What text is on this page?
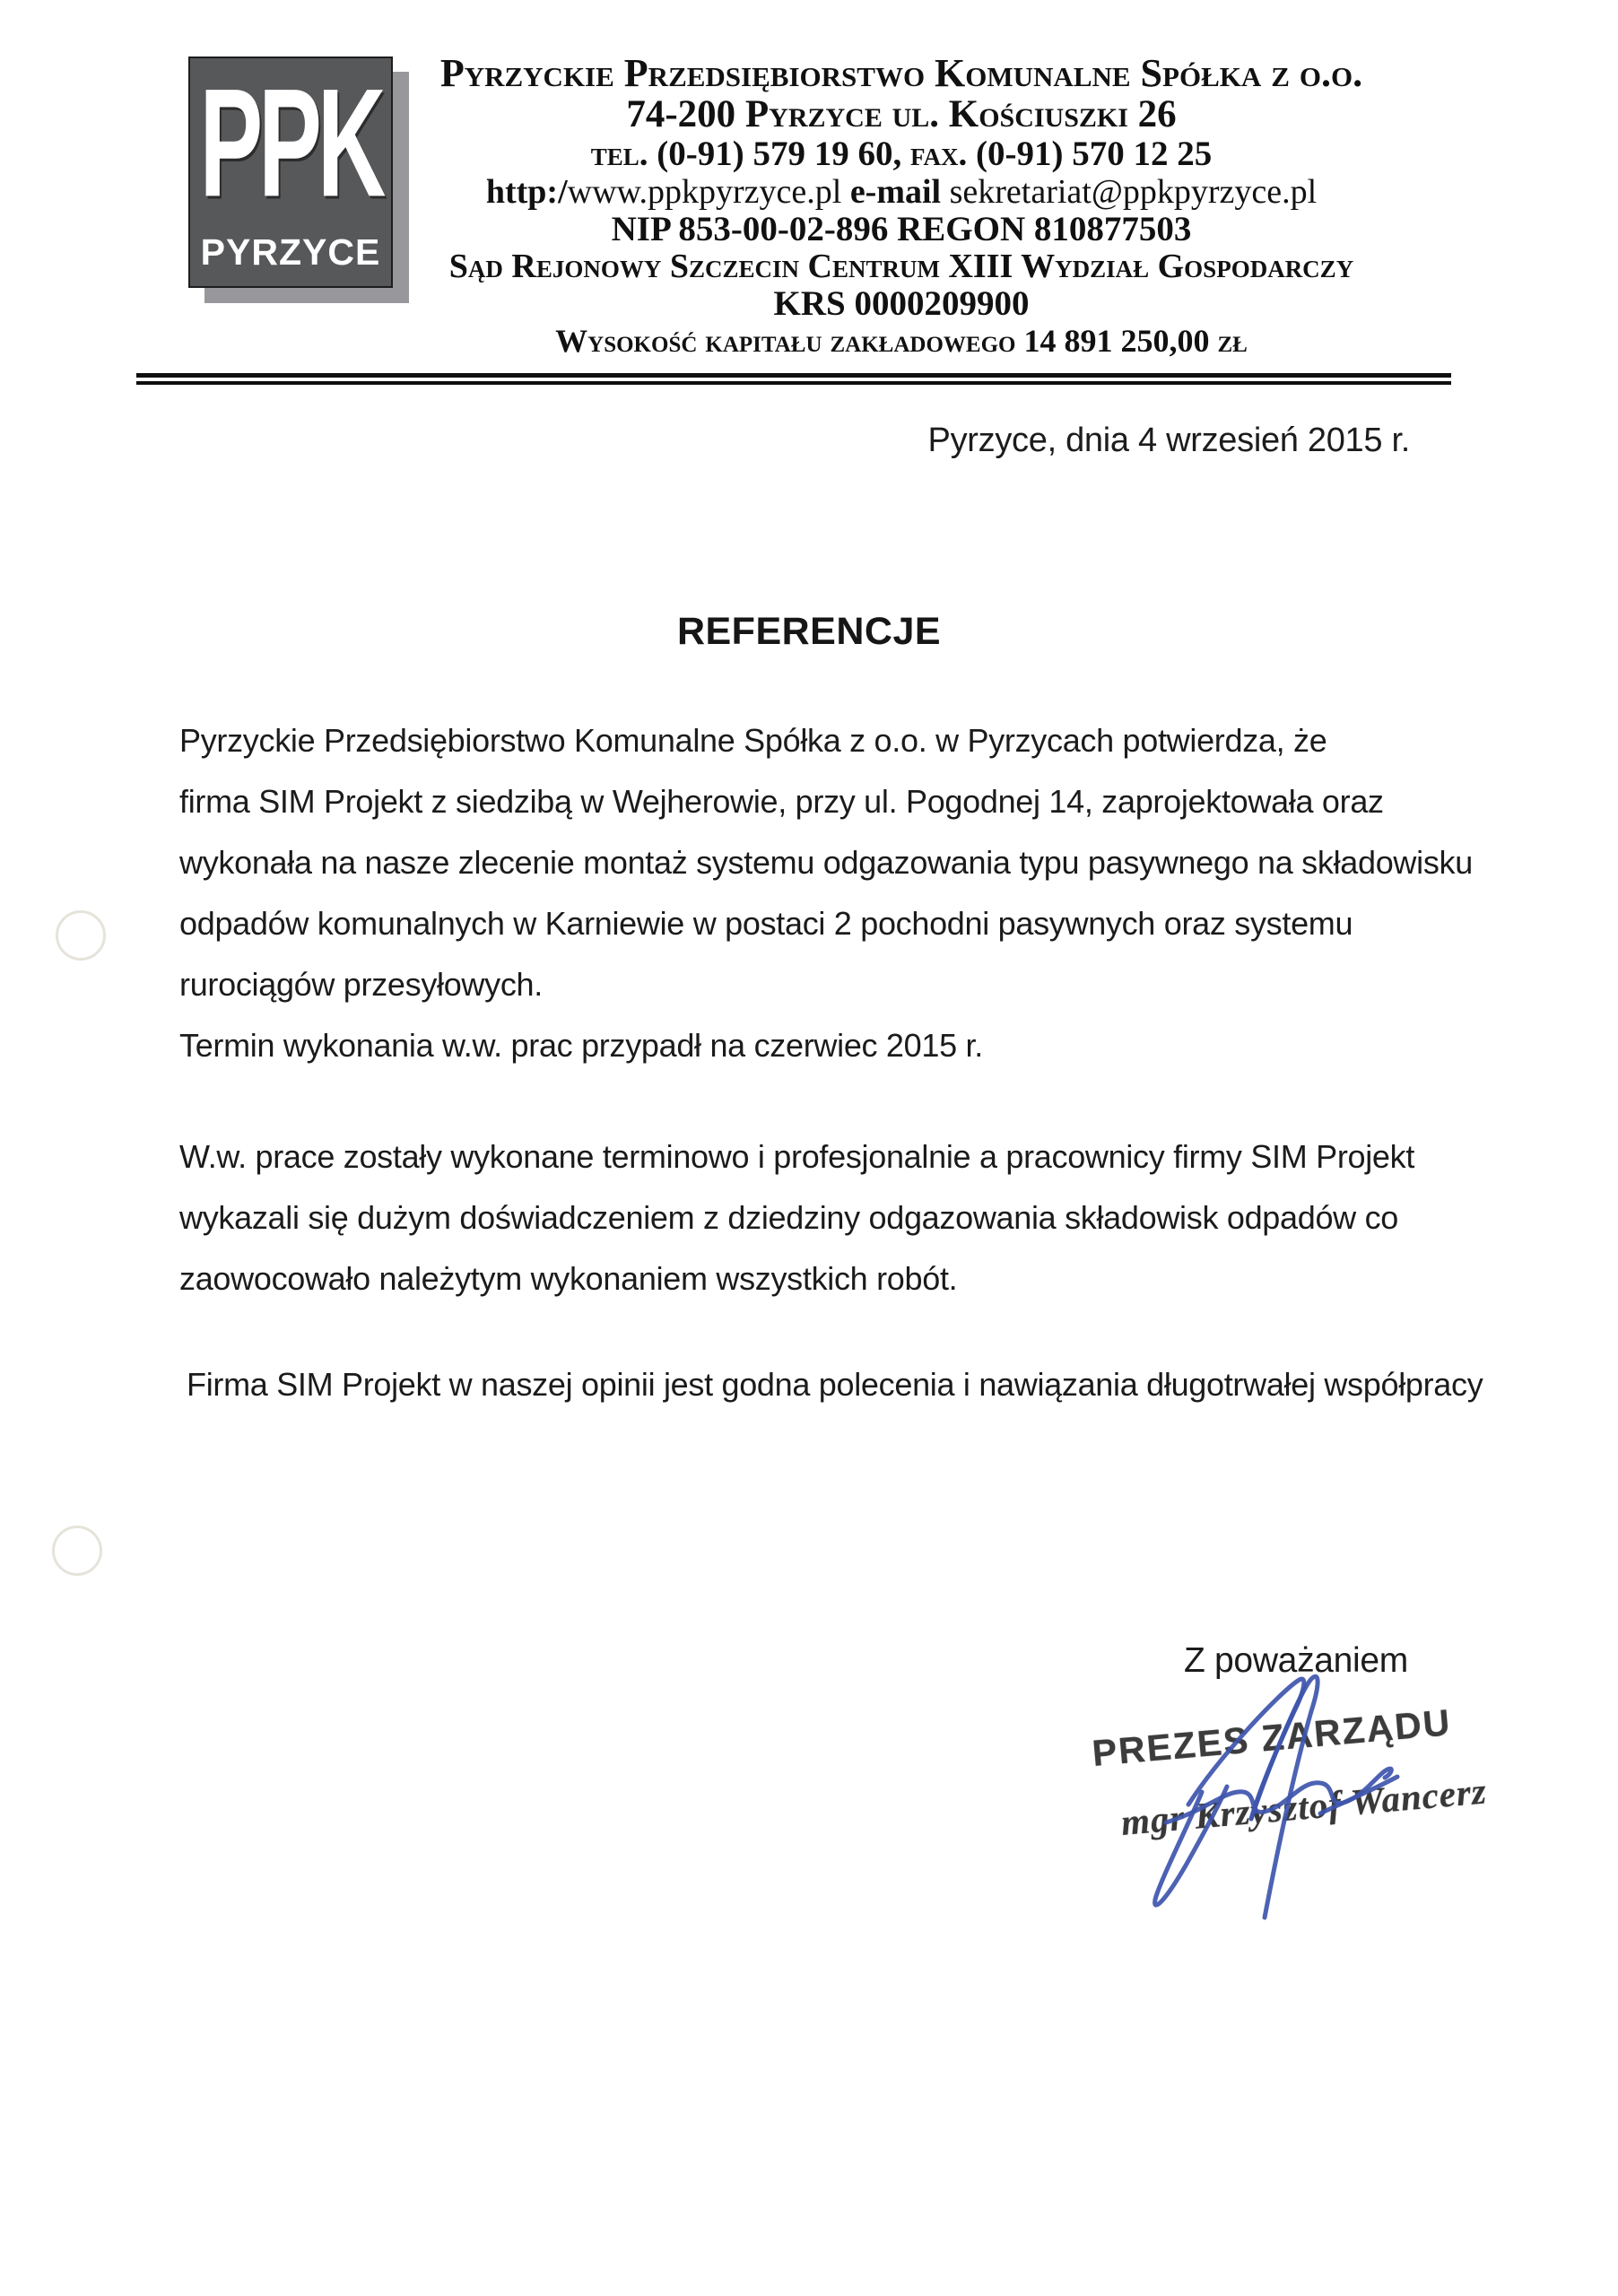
PPK
PYRZYCE
Pyrzyckie Przedsiębiorstwo Komunalne Spółka z o.o.
74-200 Pyrzyce ul. Kościuszki 26
tel. (0-91) 579 19 60, fax. (0-91) 570 12 25
http:/www.ppkpyrzyce.pl e-mail sekretariat@ppkpyrzyce.pl
NIP 853-00-02-896 REGON 810877503
Sąd Rejonowy Szczecin Centrum XIII Wydział Gospodarczy
KRS 0000209900
Wysokość kapitału zakładowego 14 891 250,00 zł
Pyrzyce, dnia 4 wrzesień 2015 r.
REFERENCJE

Pyrzyckie Przedsiębiorstwo Komunalne Spółka z o.o. w Pyrzycach potwierdza, że
firma SIM Projekt z siedzibą w Wejherowie, przy ul. Pogodnej 14, zaprojektowała oraz
wykonała na nasze zlecenie montaż systemu odgazowania typu pasywnego na składowisku
odpadów komunalnych w Karniewie w postaci 2 pochodni pasywnych oraz systemu
rurociągów przesyłowych.
Termin wykonania w.w. prac przypadł na czerwiec 2015 r.

W.w. prace zostały wykonane terminowo i profesjonalnie a pracownicy firmy SIM Projekt
wykazali się dużym doświadczeniem z dziedziny odgazowania składowisk odpadów co
zaowocowało należytym wykonaniem wszystkich robót.

Firma SIM Projekt w naszej opinii jest godna polecenia i nawiązania długotrwałej współpracy

Z poważaniem
PREZES ZARZĄDU
mgr Krzysztof Wancerz
